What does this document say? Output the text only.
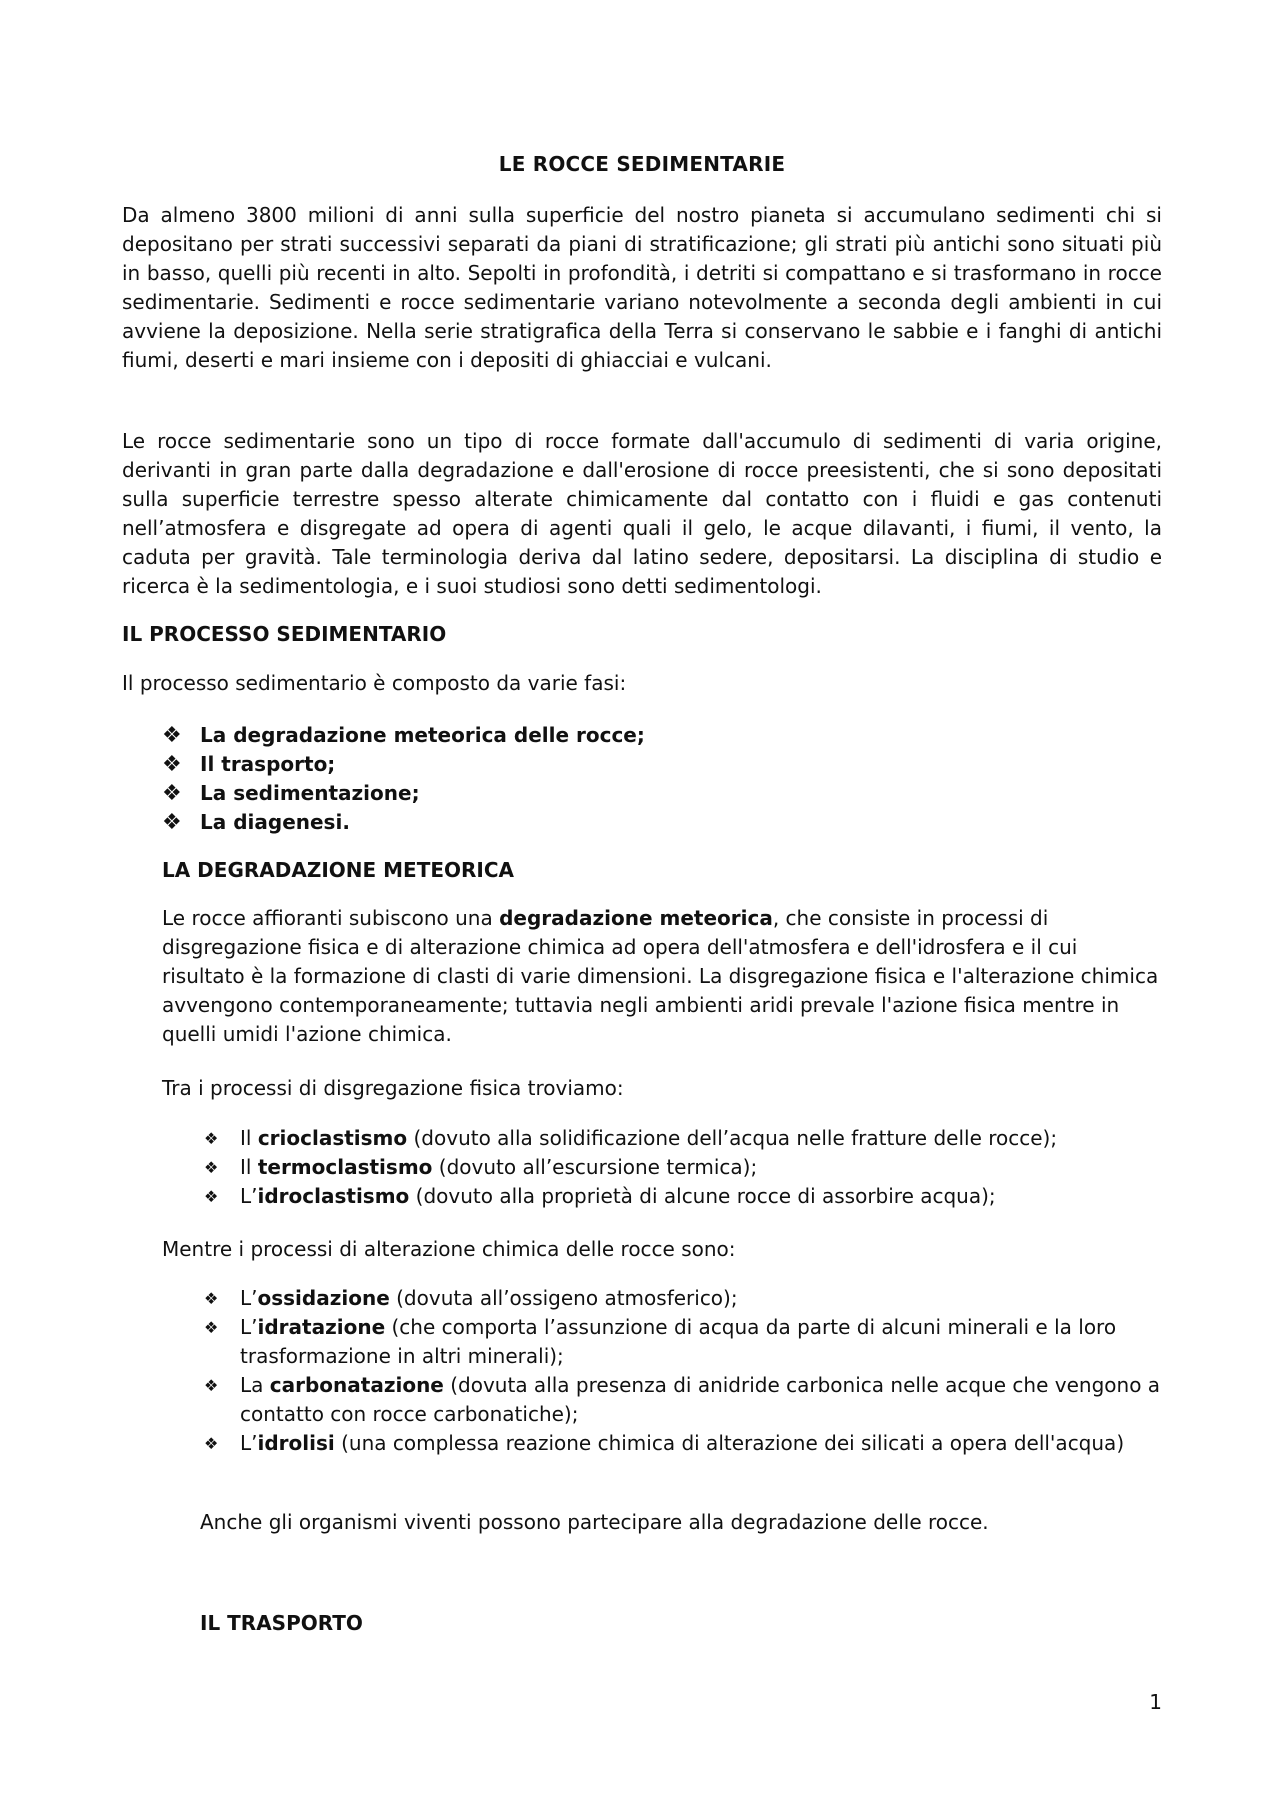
LE ROCCE SEDIMENTARIE

Da almeno 3800 milioni di anni sulla superficie del nostro pianeta si accumulano sedimenti chi si depositano per strati successivi separati da piani di stratificazione; gli strati più antichi sono situati più in basso, quelli più recenti in alto. Sepolti in profondità, i detriti si compattano e si trasformano in rocce sedimentarie. Sedimenti e rocce sedimentarie variano notevolmente a seconda degli ambienti in cui avviene la deposizione. Nella serie stratigrafica della Terra si conservano le sabbie e i fanghi di antichi fiumi, deserti e mari insieme con i depositi di ghiacciai e vulcani.

Le rocce sedimentarie sono un tipo di rocce formate dall'accumulo di sedimenti di varia origine, derivanti in gran parte dalla degradazione e dall'erosione di rocce preesistenti, che si sono depositati sulla superficie terrestre spesso alterate chimicamente dal contatto con i fluidi e gas contenuti nell’atmosfera e disgregate ad opera di agenti quali il gelo, le acque dilavanti, i fiumi, il vento, la caduta per gravità. Tale terminologia deriva dal latino sedere, depositarsi. La disciplina di studio e ricerca è la sedimentologia, e i suoi studiosi sono detti sedimentologi.

IL PROCESSO SEDIMENTARIO

Il processo sedimentario è composto da varie fasi:

❖ La degradazione meteorica delle rocce;
❖ Il trasporto;
❖ La sedimentazione;
❖ La diagenesi.
LA DEGRADAZIONE METEORICA

Le rocce affioranti subiscono una degradazione meteorica, che consiste in processi di disgregazione fisica e di alterazione chimica ad opera dell'atmosfera e dell'idrosfera e il cui risultato è la formazione di clasti di varie dimensioni. La disgregazione fisica e l'alterazione chimica avvengono contemporaneamente; tuttavia negli ambienti aridi prevale l'azione fisica mentre in quelli umidi l'azione chimica.

Tra i processi di disgregazione fisica troviamo:

❖ Il crioclastismo (dovuto alla solidificazione dell’acqua nelle fratture delle rocce);
❖ Il termoclastismo (dovuto all’escursione termica);
❖ L’idroclastismo (dovuto alla proprietà di alcune rocce di assorbire acqua);

Mentre i processi di alterazione chimica delle rocce sono:

❖ L’ossidazione (dovuta all’ossigeno atmosferico);
❖ L’idratazione (che comporta l’assunzione di acqua da parte di alcuni minerali e la loro trasformazione in altri minerali);
❖ La carbonatazione (dovuta alla presenza di anidride carbonica nelle acque che vengono a contatto con rocce carbonatiche);
❖ L’idrolisi (una complessa reazione chimica di alterazione dei silicati a opera dell'acqua)

Anche gli organismi viventi possono partecipare alla degradazione delle rocce.

IL TRASPORTO
1
